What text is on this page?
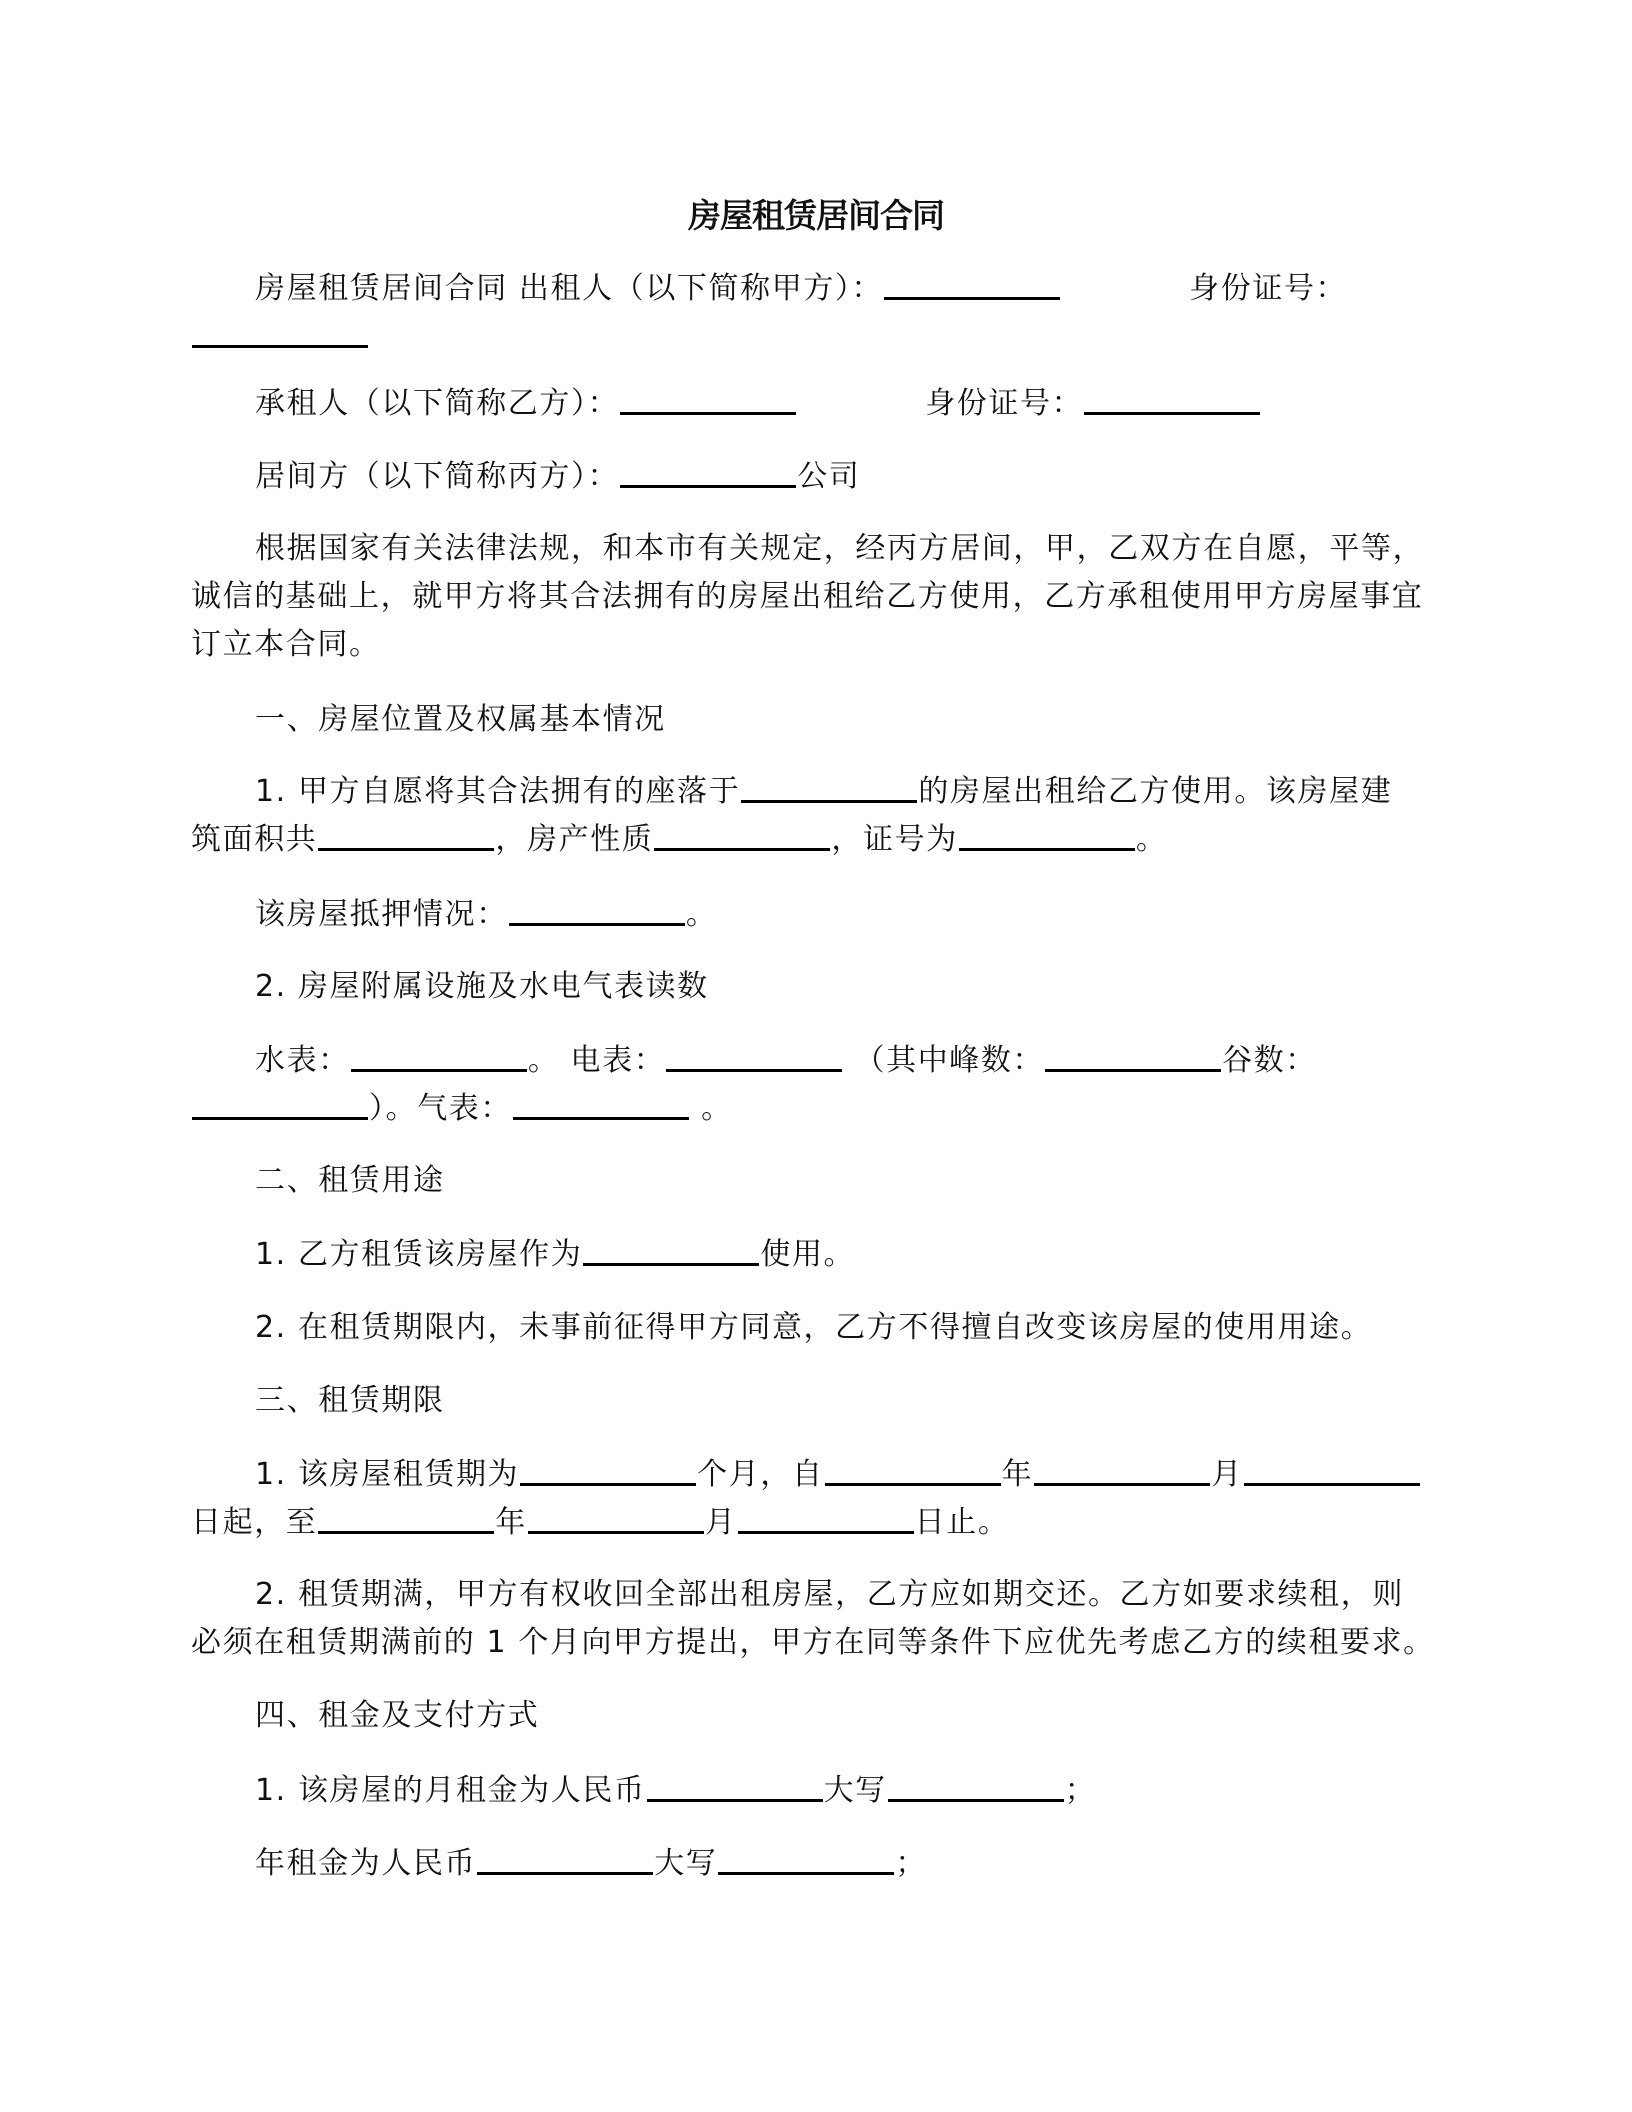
房屋租赁居间合同
房屋租赁居间合同 出租人（以下简称甲方）：	身份证号：
承租人（以下简称乙方）：	身份证号：
居间方（以下简称丙方）：	公司
根据国家有关法律法规，和本市有关规定，经丙方居间，甲，乙双方在自愿，平等，
诚信的基础上，就甲方将其合法拥有的房屋出租给乙方使用，乙方承租使用甲方房屋事宜
订立本合同。
一、房屋位置及权属基本情况
1. 甲方自愿将其合法拥有的座落于	的房屋出租给乙方使用。该房屋建
筑面积共	，房产性质	，证号为	。
该房屋抵押情况：	。
2. 房屋附属设施及水电气表读数
水表：	。 电表：	（其中峰数：	谷数：
）。气表：	。
二、租赁用途
1. 乙方租赁该房屋作为	使用。
2. 在租赁期限内，未事前征得甲方同意，乙方不得擅自改变该房屋的使用用途。
三、租赁期限
1. 该房屋租赁期为	个月，自	年	月
日起，至	年	月	日止。
2. 租赁期满，甲方有权收回全部出租房屋，乙方应如期交还。乙方如要求续租，则
必须在租赁期满前的 1 个月向甲方提出，甲方在同等条件下应优先考虑乙方的续租要求。
四、租金及支付方式
1. 该房屋的月租金为人民币	大写	；
年租金为人民币	大写	；
